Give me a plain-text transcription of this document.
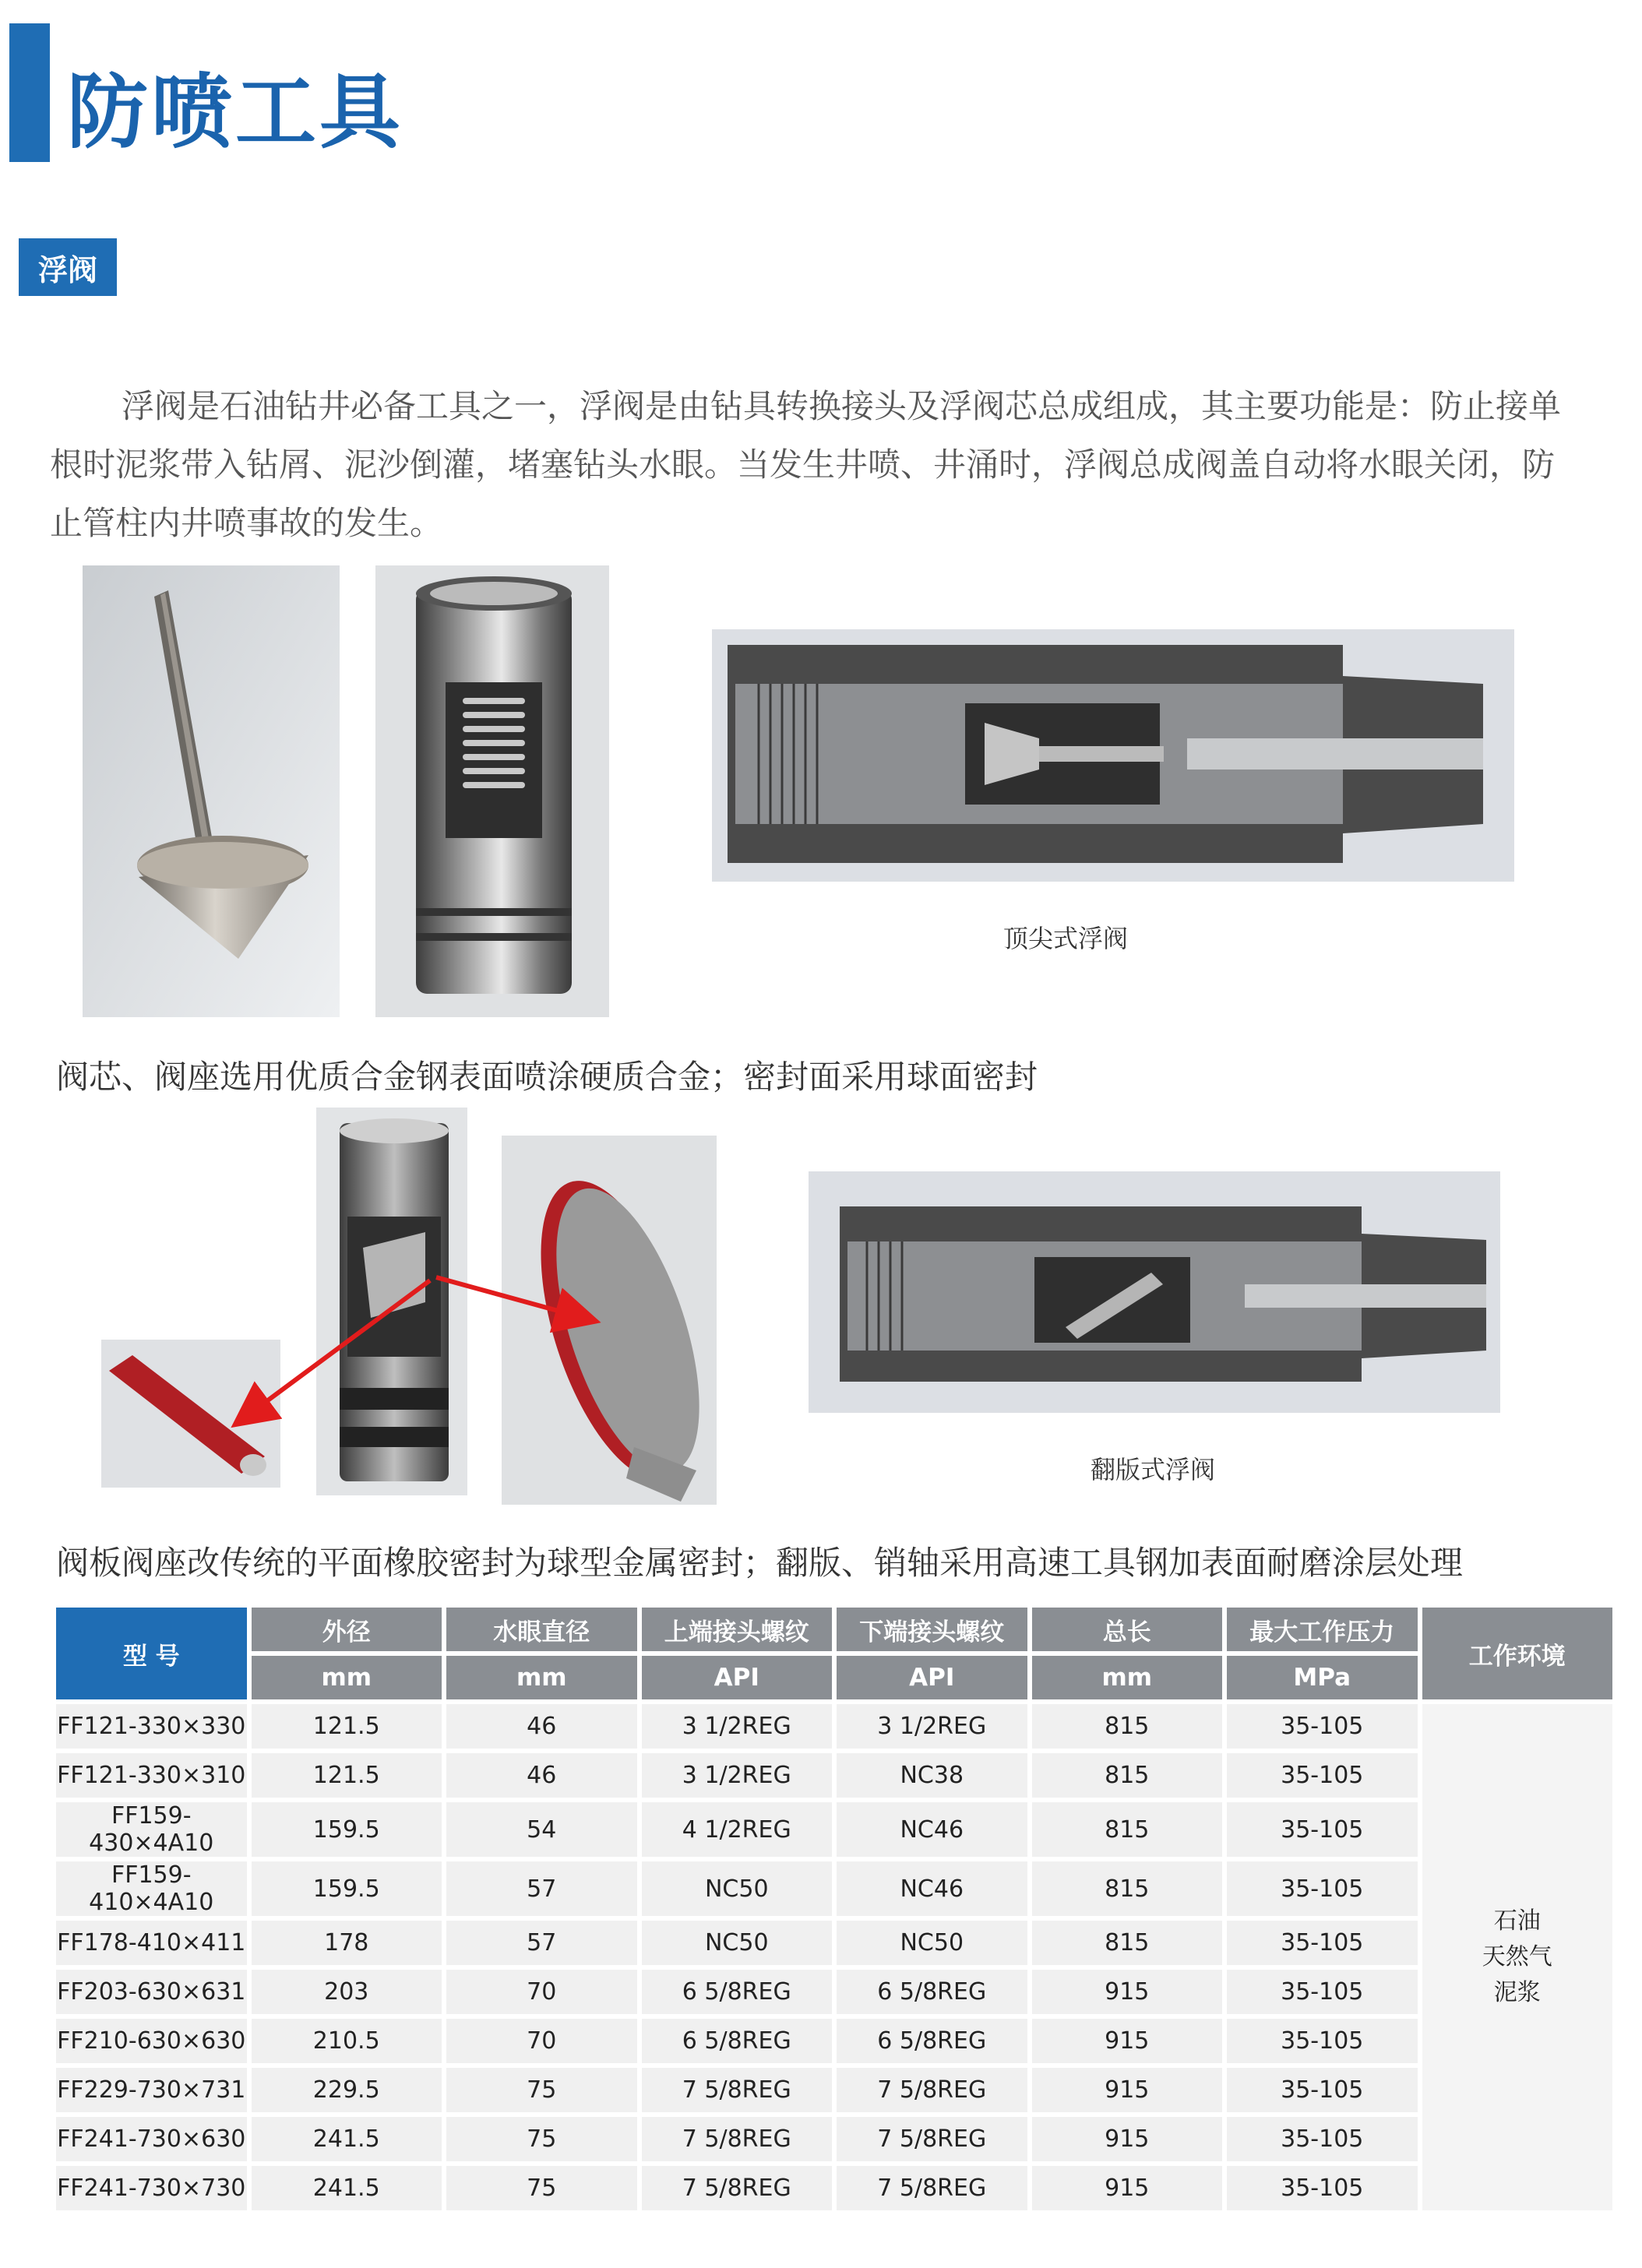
防喷工具
浮阀

浮阀是石油钻井必备工具之一，浮阀是由钻具转换接头及浮阀芯总成组成，其主要功能是：防止接单根时泥浆带入钻屑、泥沙倒灌，堵塞钻头水眼。当发生井喷、井涌时，浮阀总成阀盖自动将水眼关闭，防止管柱内井喷事故的发生。

顶尖式浮阀
阀芯、阀座选用优质合金钢表面喷涂硬质合金；密封面采用球面密封
翻版式浮阀
阀板阀座改传统的平面橡胶密封为球型金属密封；翻版、销轴采用高速工具钢加表面耐磨涂层处理
型 号	外径	水眼直径	上端接头螺纹	下端接头螺纹	总长	最大工作压力	工作环境
	mm	mm	API	API	mm	MPa	
FF121-330×330	121.5	46	3 1/2REG	3 1/2REG	815	35-105	石油
天然气
泥浆

FF121-330×310	121.5	46	3 1/2REG	NC38	815	35-105	
FF159-430×4A10	159.5	54	4 1/2REG	NC46	815	35-105	
FF159-410×4A10	159.5	57	NC50	NC46	815	35-105	
FF178-410×411	178	57	NC50	NC50	815	35-105	
FF203-630×631	203	70	6 5/8REG	6 5/8REG	915	35-105	
FF210-630×630	210.5	70	6 5/8REG	6 5/8REG	915	35-105	
FF229-730×731	229.5	75	7 5/8REG	7 5/8REG	915	35-105	
FF241-730×630	241.5	75	7 5/8REG	7 5/8REG	915	35-105	
FF241-730×730	241.5	75	7 5/8REG	7 5/8REG	915	35-105	
